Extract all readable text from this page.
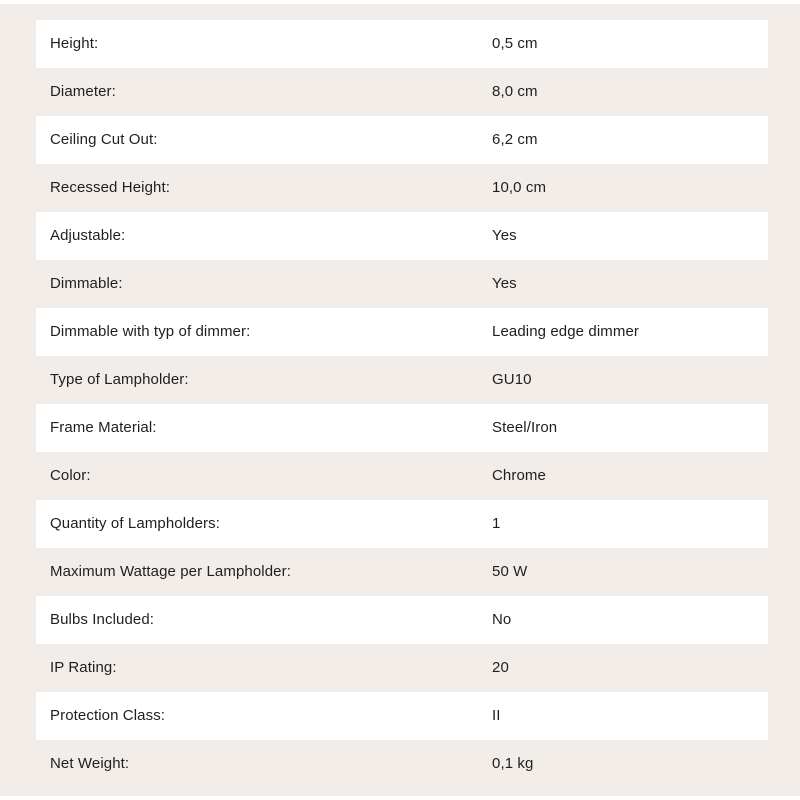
Height:	0,5 cm
Diameter:	8,0 cm
Ceiling Cut Out:	6,2 cm
Recessed Height:	10,0 cm
Adjustable:	Yes
Dimmable:	Yes
Dimmable with typ of dimmer:	Leading edge dimmer
Type of Lampholder:	GU10
Frame Material:	Steel/Iron
Color:	Chrome
Quantity of Lampholders:	1
Maximum Wattage per Lampholder:	50 W
Bulbs Included:	No
IP Rating:	20
Protection Class:	II
Net Weight:	0,1 kg
